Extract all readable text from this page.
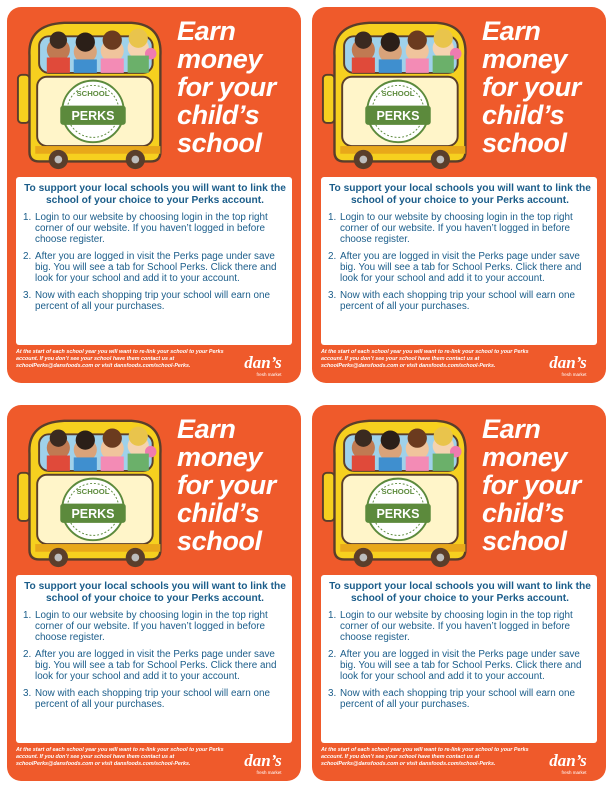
SCHOOL
PERKS
Earn
money
for your
child’s
school
To support your local schools you will want to link the school of your choice to your Perks account.
1. Login to our website by choosing login in the top right corner of our website. If you haven’t logged in before choose register.
2. After you are logged in visit the Perks page under save big. You will see a tab for School Perks. Click there and look for your school and add it to your account.
3. Now with each shopping trip your school will earn one percent of all your purchases.
At the start of each school year you will want to re-link your school to your Perks account. If you don’t see your school have them contact us at schoolPerks@dansfoods.com or visit dansfoods.com/school-Perks.	dan’s
fresh market
SCHOOL
PERKS
Earn
money
for your
child’s
school
To support your local schools you will want to link the school of your choice to your Perks account.
1. Login to our website by choosing login in the top right corner of our website. If you haven’t logged in before choose register.
2. After you are logged in visit the Perks page under save big. You will see a tab for School Perks. Click there and look for your school and add it to your account.
3. Now with each shopping trip your school will earn one percent of all your purchases.
At the start of each school year you will want to re-link your school to your Perks account. If you don’t see your school have them contact us at schoolPerks@dansfoods.com or visit dansfoods.com/school-Perks.	dan’s
fresh market
SCHOOL
PERKS
Earn
money
for your
child’s
school
To support your local schools you will want to link the school of your choice to your Perks account.
1. Login to our website by choosing login in the top right corner of our website. If you haven’t logged in before choose register.
2. After you are logged in visit the Perks page under save big. You will see a tab for School Perks. Click there and look for your school and add it to your account.
3. Now with each shopping trip your school will earn one percent of all your purchases.
At the start of each school year you will want to re-link your school to your Perks account. If you don’t see your school have them contact us at schoolPerks@dansfoods.com or visit dansfoods.com/school-Perks.	dan’s
fresh market
SCHOOL
PERKS
Earn
money
for your
child’s
school
To support your local schools you will want to link the school of your choice to your Perks account.
1. Login to our website by choosing login in the top right corner of our website. If you haven’t logged in before choose register.
2. After you are logged in visit the Perks page under save big. You will see a tab for School Perks. Click there and look for your school and add it to your account.
3. Now with each shopping trip your school will earn one percent of all your purchases.
At the start of each school year you will want to re-link your school to your Perks account. If you don’t see your school have them contact us at schoolPerks@dansfoods.com or visit dansfoods.com/school-Perks.	dan’s
fresh market
